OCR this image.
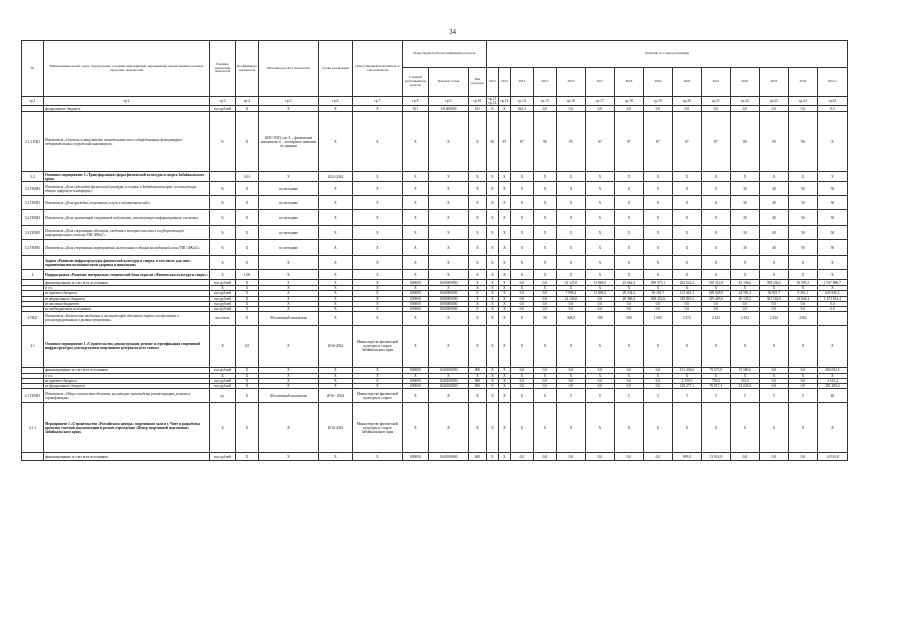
34
№	Наименование целей, задач, подпрограмм, основных мероприятий, мероприятий, ведомственных целевых программ, показателей	Единица измерения показателя	Коэффициент значимости	Методика расчета показателя	Сроки реализации	Ответственный исполнитель и соисполнители	Коды бюджетной классификации расходов			Значения по годам реализации													
							Главный распорядитель средств	Целевая статья	Вид расходов	2012	2013	2014	2015	2016	2017	2018	2019	2020	2021	2022	2023	2024	Итого
гр.1	гр.2	гр.3	гр.4	гр.5	гр.6	гр.7	гр.8	гр.9	гр.10	гр.11 гр.12	гр.13	гр.14	гр.15	гр.16	гр.17	гр.18	гр.19	гр.20	гр.21	гр.22	гр.23	гр.24	гр.25
	федерального бюджета	тыс.рублей	Х	Х	Х	Х	811	131400000	241	Х	Х	625,3	0,0	0,0	0,0	0,0	0,0	0,0	0,0	0,0	0,0	0,0	0,0
3.1.1 ПЦ1	Показатель «Степень оснащенности плавательных чаш и оборудованных физкультурно-оздоровительных сооружений инвентарем»	%	Х	АИС/ЭОП, где А – физические показатели; 0 – экспертное значение по данным	Х	Х	Х	Х	Х	85	87	87	90	85	87	87	87	87	87	89	90	90	Х
3.2	Основное мероприятие 2 «Трансформация сферы физической культуры и спорта Забайкальского края»		0,01	Х	2022-2024	Х	Х	Х	Х	Х	Х	Х	Х	Х	Х	Х	Х	Х	Х	Х	Х	Х	Х
3.2 ПОМ1	Показатель «Доля субъектов физической культуры и спорта в Забайкальском крае, использующих единую цифровую платформу»	%	Х	по методике	Х	Х	Х	Х	Х	Х	Х	Х	Х	Х	Х	Х	Х	Х	Х	30	40	50	50
3.2 ПОМ1	Показатель «Доля граждан, получивших услуги в электронном виде»	%	Х	по методике	Х	Х	Х	Х	Х	Х	Х	Х	Х	Х	Х	Х	Х	Х	Х	30	40	50	50
3.2 ПОМ1	Показатель «Доля организаций спортивной подготовки, использующих информационные системы»	%	Х	по методике	Х	Х	Х	Х	Х	Х	Х	Х	Х	Х	Х	Х	Х	Х	Х	30	40	50	50
3.2 ПОМ1	Показатель «Доля спортивных объектов, сведения о которых внесены в государственную информационную систему ГИС ФКиС»	%	Х	по методике	Х	Х	Х	Х	Х	Х	Х	Х	Х	Х	Х	Х	Х	Х	Х	30	40	50	50
3.2 ПОМ1	Показатель «Доля спортивных мероприятий, включенных в единый календарный план (ГИС ФКиС)»	%	Х	по методике	Х	Х	Х	Х	Х	Х	Х	Х	Х	Х	Х	Х	Х	Х	Х	30	40	50	50
	Задача «Развитие инфраструктуры физической культуры и спорта, в том числе для лиц с ограниченными возможностями здоровья и инвалидов»	Х	Х	Х	Х	Х	Х	Х	Х	Х	Х	Х	Х	Х	Х	Х	Х	Х	Х	Х	Х	Х	Х
4	Подпрограмма «Развитие материально-технической базы отрасли «Физическая культура и спорт»»	Х	1,00	Х	Х	Х	Х	Х	Х	Х	Х	Х	Х	Х	Х	Х	Х	Х	Х	Х	Х	Х	Х
	финансирование за счет всех источников	тыс.рублей	Х	Х	Х	Х	000000	1600000000	Х	Х	Х	0,0	0,0	32 125,0	31 806,5	43 662,4	399 375,1	452 522,2	510 312,8	45 136,6	399 236,5	56 593,5	1 927 880,7
	в т.ч.	Х	Х	Х	Х	Х	Х	Х	Х	Х	Х	Х	Х	Х	Х	Х	Х	Х	Х	Х	Х	Х	Х
	из краевого бюджета	тыс.рублей	Х	Х	Х	Х	000000	1600000000	Х	Х	Х	0,0	0,0	7 996,4	31 806,5	28 234,2	56 161,7	131 461,3	188 928,9	24 591,4	36 853,7	9 361,1	643 946,3
	из федерального бюджета	тыс.рублей	Х	Х	Х	Х	000000	1600000000	Х	Х	Х	0,0	0,0	24 129,0	0,0	20 386,2	308 452,6	318 801,5	329 485,6	20 138,2	361 162,9	44 844,4	1 473 914,4
	из местных бюджетов	тыс.рублей	Х	Х	Х	Х	000000	1600000000	Х	Х	Х	0,0	0,0	0,0	0,0	0,0	0,0	0,0	0,0	0,0	0,0	0,0	0,0
	из внебюджетных источников	тыс.рублей	Х	Х	Х	Х	000000	1600000000	Х	Х	Х	0,0	0,0	0,0	0,0	0,0	0,0	0,0	0,0	0,0	0,0	0,0	0,0
4 ПЦ1	Показатель «Количество введенных в эксплуатацию объектов спорта, построенных и реконструированных в рамках программы»	чел./кв.м.	Х	Абсолютный показатель	Х	Х	Х	Х	Х	Х	Х	Х	58	308,0	190	588	1 082	2 372	2 432	2 432	2 432	2302	
4.1	Основное мероприятие 1 «Строительство, реконструкция, ремонт и сертификация спортивной инфраструктуры для подготовки спортивного резерва на всех этапах»	Х	0,5	Х	2016-2024	Министерство физической культуры и спорта Забайкальского края	Х	Х	Х	Х	Х	Х	Х	Х	Х	Х	Х	Х	Х	Х	Х	Х	Х
	финансирование за счет всех источников	тыс.рублей	Х	Х	Х	Х	000000	1640100000	000	Х	Х	0,0	0,0	0,0	0,0	0,0	0,0	151 436,6	79 675,9	53 580,6	0,0	0,0	284 692,5
	в т.ч.	Х	Х	Х	Х	Х	Х	Х	Х	Х	Х	Х	Х	Х	Х	Х	Х	Х	Х	Х	Х	Х	Х
	из краевого бюджета	тыс.рублей	Х	Х	Х	Х	000000	1640100000	000	Х	Х	0,0	0,0	0,0	0,0	0,0	0,0	2 159,5	758,6	535,0	0,0	0,0	4 513,4
	из федерального бюджета	тыс.рублей	Х	Х	Х	Х	000000	1640100000	000	Х	Х	0,0	0,0	0,0	0,0	0,0	0,0	149 277,1	78 917,3	53 045,0	0,0	0,0	281 209,4
4.1 ПОМ1	Показатель «Общее количество объектов, на которых произведены реконструкция, ремонт и сертификация»	ед.	Х	Абсолютный показатель	2016 - 2024	Министерство физической культуры и спорта	Х	Х	Х	Х	Х	Х	Х	5	0	5	5	5	5	5	5	5	40
4.1.1	Мероприятие 1 «Строительство «Российского центра» спортивного зала в г. Чите и разработка проектно-сметной документации и ремонт учреждения «Центр спортивной подготовки» Забайкальского края»	Х	Х	Х	2016-2024	Министерство физической культуры и спорта Забайкальского края	Х	Х	Х	Х	Х	Х	Х	Х	Х	Х	Х	Х	Х	Х	Х	Х	Х
	финансирование за счет всех источников	тыс.рублей	Х	Х	Х	Х	090000	1640100000	000	Х	Х	0,0	0,0	0,0	0,0	0,0	0,0	999,0	13 914,9	0,0	0,0	0,0	14 914,8
